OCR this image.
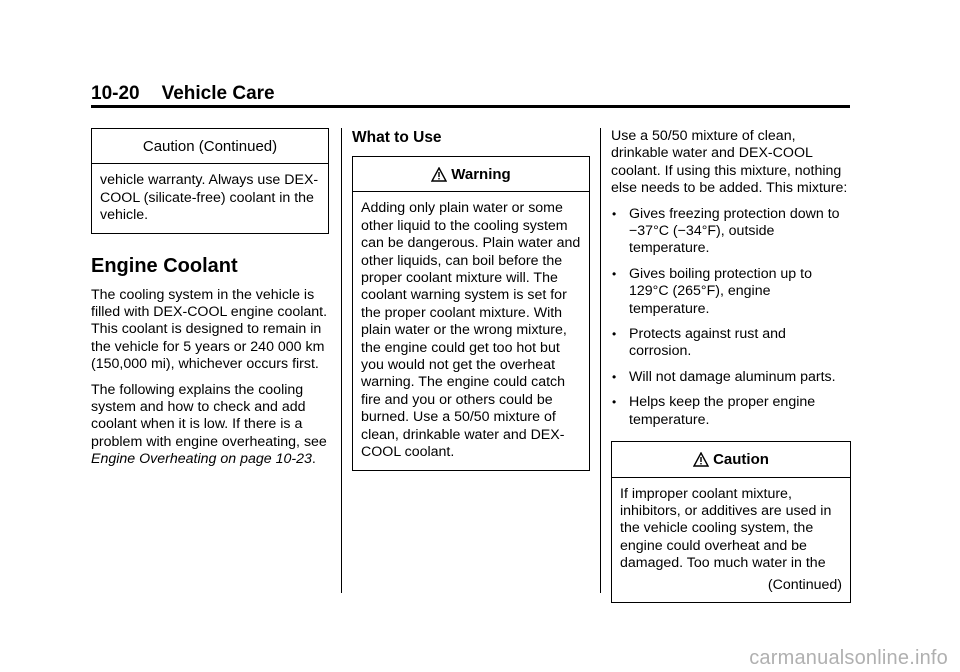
10-20 Vehicle Care
Caution (Continued)

vehicle warranty. Always use DEX-COOL (silicate-free) coolant in the vehicle.

Engine Coolant

The cooling system in the vehicle is filled with DEX-COOL engine coolant. This coolant is designed to remain in the vehicle for 5 years or 240 000 km (150,000 mi), whichever occurs first.

The following explains the cooling system and how to check and add coolant when it is low. If there is a problem with engine overheating, see Engine Overheating on page 10-23.

What to Use
Warning

Adding only plain water or some other liquid to the cooling system can be dangerous. Plain water and other liquids, can boil before the proper coolant mixture will. The coolant warning system is set for the proper coolant mixture. With plain water or the wrong mixture, the engine could get too hot but you would not get the overheat warning. The engine could catch fire and you or others could be burned. Use a 50/50 mixture of clean, drinkable water and DEX-COOL coolant.

Use a 50/50 mixture of clean, drinkable water and DEX-COOL coolant. If using this mixture, nothing else needs to be added. This mixture:

• Gives freezing protection down to −37°C (−34°F), outside temperature.
• Gives boiling protection up to 129°C (265°F), engine temperature.
• Protects against rust and corrosion.
• Will not damage aluminum parts.
• Helps keep the proper engine temperature.
Caution

If improper coolant mixture, inhibitors, or additives are used in the vehicle cooling system, the engine could overheat and be damaged. Too much water in the

(Continued)
carmanualsonline.info
